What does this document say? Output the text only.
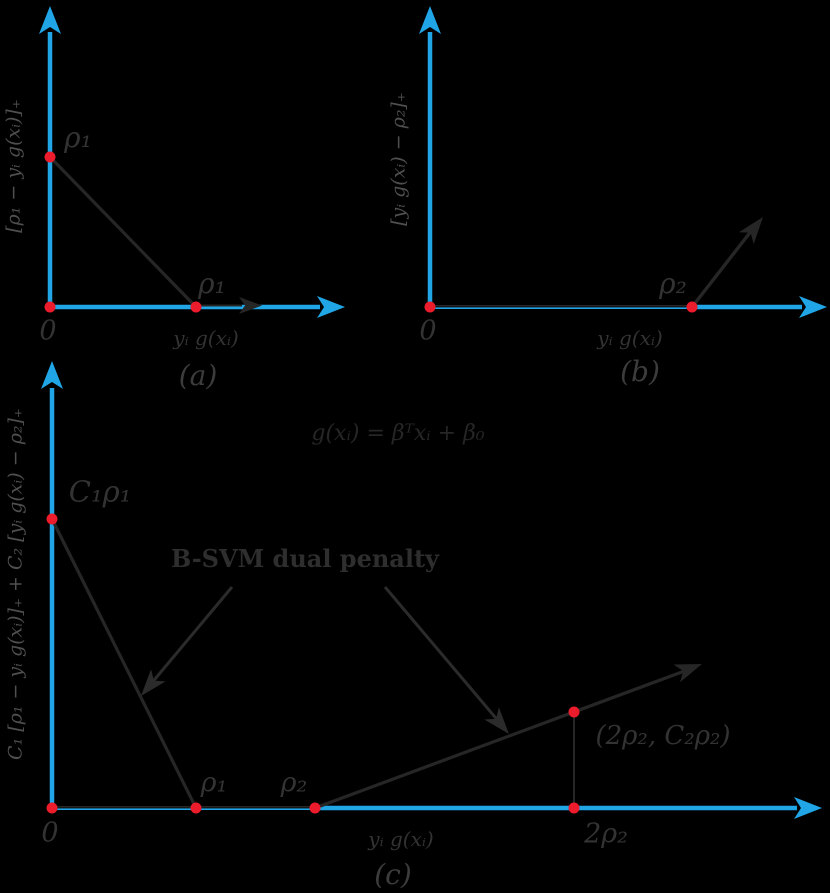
[ρ₁ − yᵢ g(xᵢ)]₊ ρ₁
ρ₁
0	yᵢ g(xᵢ)
(a)
[yᵢ g(xᵢ) − ρ₂]₊
ρ₂
0	yᵢ g(xᵢ)
(b)
g(xᵢ) = βᵀxᵢ + β₀
C₁ [ρ₁ − yᵢ g(xᵢ)]₊ + C₂ [yᵢ g(xᵢ) − ρ₂]₊ C₁ρ₁
B-SVM dual penalty
ρ₁ ρ₂
(2ρ₂, C₂ρ₂)
0	yᵢ g(xᵢ)	2ρ₂
(c)
